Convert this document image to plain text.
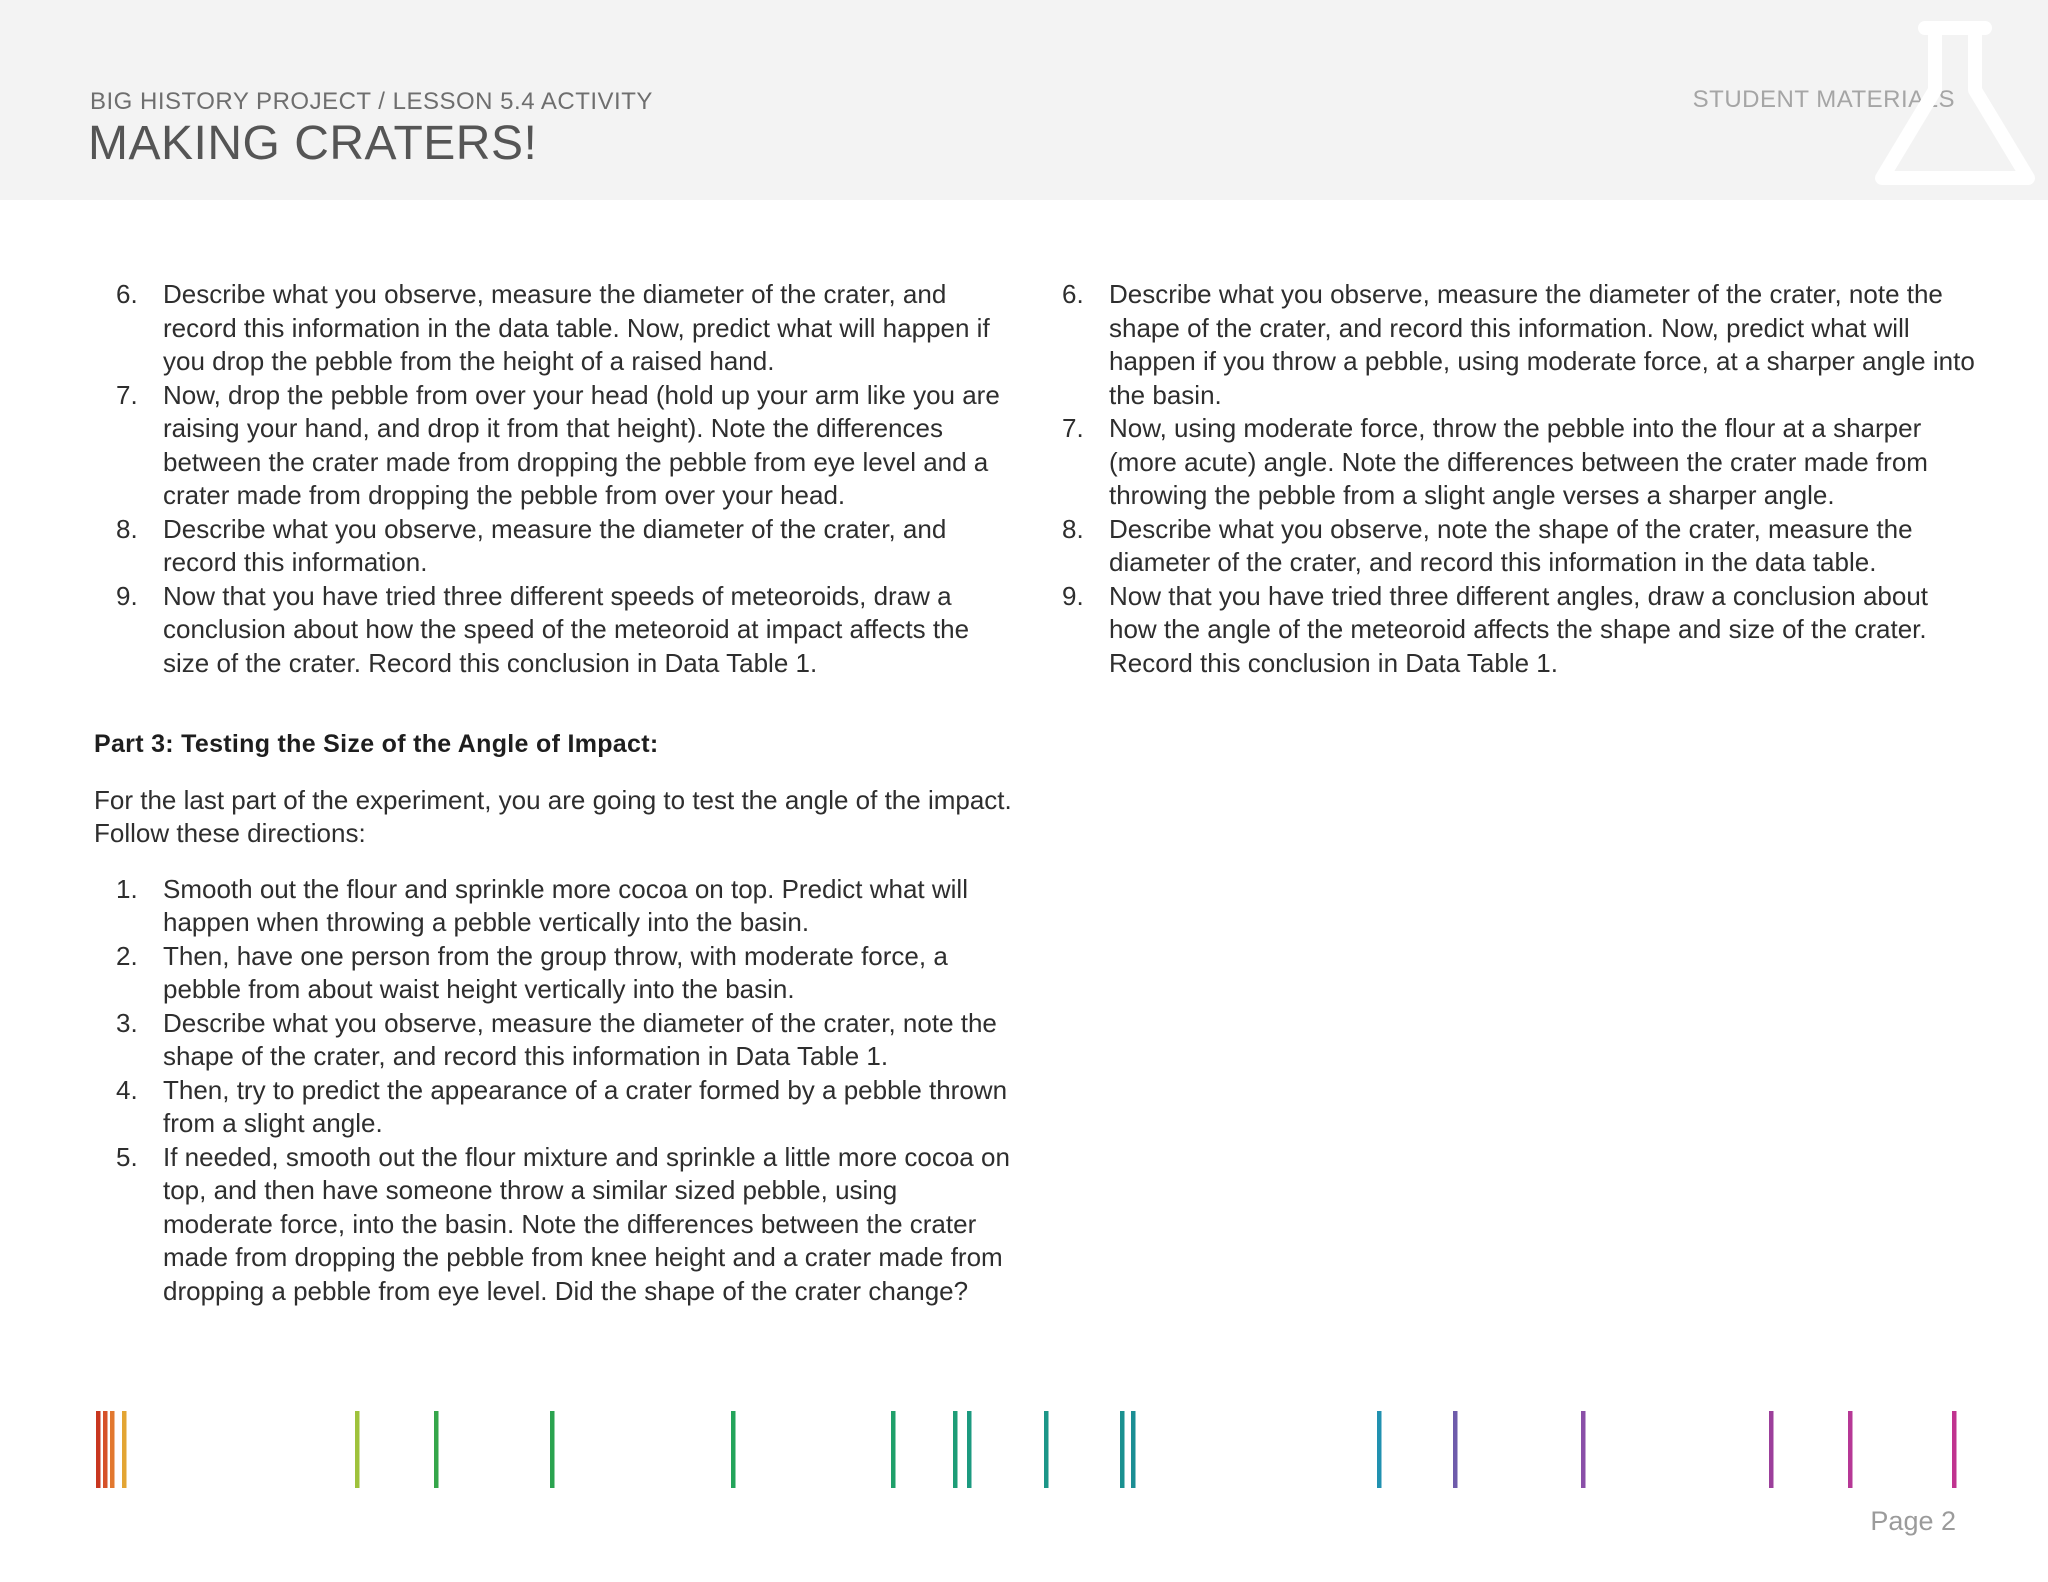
BIG HISTORY PROJECT / LESSON 5.4 ACTIVITY
MAKING CRATERS!
STUDENT MATERIALS
6. Describe what you observe, measure the diameter of the crater, and record this information in the data table. Now, predict what will happen if you drop the pebble from the height of a raised hand.
7. Now, drop the pebble from over your head (hold up your arm like you are raising your hand, and drop it from that height). Note the differences between the crater made from dropping the pebble from eye level and a crater made from dropping the pebble from over your head.
8. Describe what you observe, measure the diameter of the crater, and record this information.
9. Now that you have tried three different speeds of meteoroids, draw a conclusion about how the speed of the meteoroid at impact affects the size of the crater. Record this conclusion in Data Table 1.
Part 3: Testing the Size of the Angle of Impact:

For the last part of the experiment, you are going to test the angle of the impact. Follow these directions:

1. Smooth out the flour and sprinkle more cocoa on top. Predict what will happen when throwing a pebble vertically into the basin.
2. Then, have one person from the group throw, with moderate force, a pebble from about waist height vertically into the basin.
3. Describe what you observe, measure the diameter of the crater, note the shape of the crater, and record this information in Data Table 1.
4. Then, try to predict the appearance of a crater formed by a pebble thrown from a slight angle.
5. If needed, smooth out the flour mixture and sprinkle a little more cocoa on top, and then have someone throw a similar sized pebble, using moderate force, into the basin. Note the differences between the crater made from dropping the pebble from knee height and a crater made from dropping a pebble from eye level. Did the shape of the crater change?
6. Describe what you observe, measure the diameter of the crater, note the shape of the crater, and record this information. Now, predict what will happen if you throw a pebble, using moderate force, at a sharper angle into the basin.
7. Now, using moderate force, throw the pebble into the flour at a sharper (more acute) angle. Note the differences between the crater made from throwing the pebble from a slight angle verses a sharper angle.
8. Describe what you observe, note the shape of the crater, measure the diameter of the crater, and record this information in the data table.
9. Now that you have tried three different angles, draw a conclusion about how the angle of the meteoroid affects the shape and size of the crater. Record this conclusion in Data Table 1.
Page 2
